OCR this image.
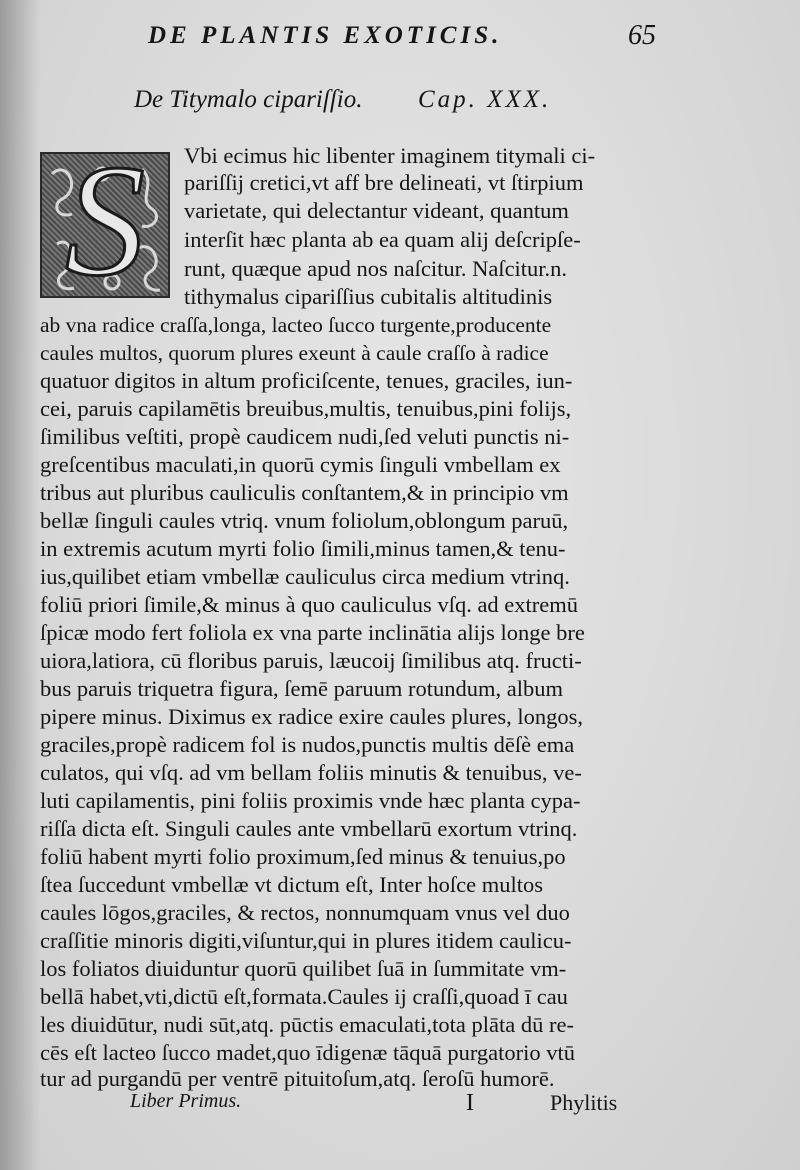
DE PLANTIS EXOTICIS.	65
De Titymalo cipariſſio. Cap. XXX.
S	Vbi ecimus hic libenter imaginem titymali ci-
pariſſij cretici,vt aff bre delineati, vt ſtirpium
varietate, qui delectantur videant, quantum
interſit hæc planta ab ea quam alij deſcripſe-
runt, quæque apud nos naſcitur. Naſcitur.n.
tithymalus cipariſſius cubitalis altitudinis
ab vna radice craſſa,longa, lacteo ſucco turgente,producente
caules multos, quorum plures exeunt à caule craſſo à radice
quatuor digitos in altum proficiſcente, tenues, graciles, iun-
cei, paruis capilamētis breuibus,multis, tenuibus,pini folijs,
ſimilibus veſtiti, propè caudicem nudi,ſed veluti punctis ni-
greſcentibus maculati,in quorū cymis ſinguli vmbellam ex
tribus aut pluribus cauliculis conſtantem,& in principio vm
bellæ ſinguli caules vtriq. vnum foliolum,oblongum paruū,
in extremis acutum myrti folio ſimili,minus tamen,& tenu-
ius,quilibet etiam vmbellæ cauliculus circa medium vtrinq.
foliū priori ſimile,& minus à quo cauliculus vſq. ad extremū
ſpicæ modo fert foliola ex vna parte inclinātia alijs longe bre
uiora,latiora, cū floribus paruis, læucoij ſimilibus atq. fructi-
bus paruis triquetra figura, ſemē paruum rotundum, album
pipere minus. Diximus ex radice exire caules plures, longos,
graciles,propè radicem fol is nudos,punctis multis dēſè ema
culatos, qui vſq. ad vm bellam foliis minutis & tenuibus, ve-
luti capilamentis, pini foliis proximis vnde hæc planta cypa-
riſſa dicta eſt. Singuli caules ante vmbellarū exortum vtrinq.
foliū habent myrti folio proximum,ſed minus & tenuius,po
ſtea ſuccedunt vmbellæ vt dictum eſt, Inter hoſce multos
caules lōgos,graciles, & rectos, nonnumquam vnus vel duo
craſſitie minoris digiti,viſuntur,qui in plures itidem caulicu-
los foliatos diuiduntur quorū quilibet ſuā in ſummitate vm-
bellā habet,vti,dictū eſt,formata.Caules ij craſſi,quoad ī cau
les diuidūtur, nudi sūt,atq. pūctis emaculati,tota plāta dū re-
cēs eſt lacteo ſucco madet,quo īdigenæ tāquā purgatorio vtū
tur ad purgandū per ventrē pituitoſum,atq. ſeroſū humorē.
Liber Primus.	I	Phylitis
